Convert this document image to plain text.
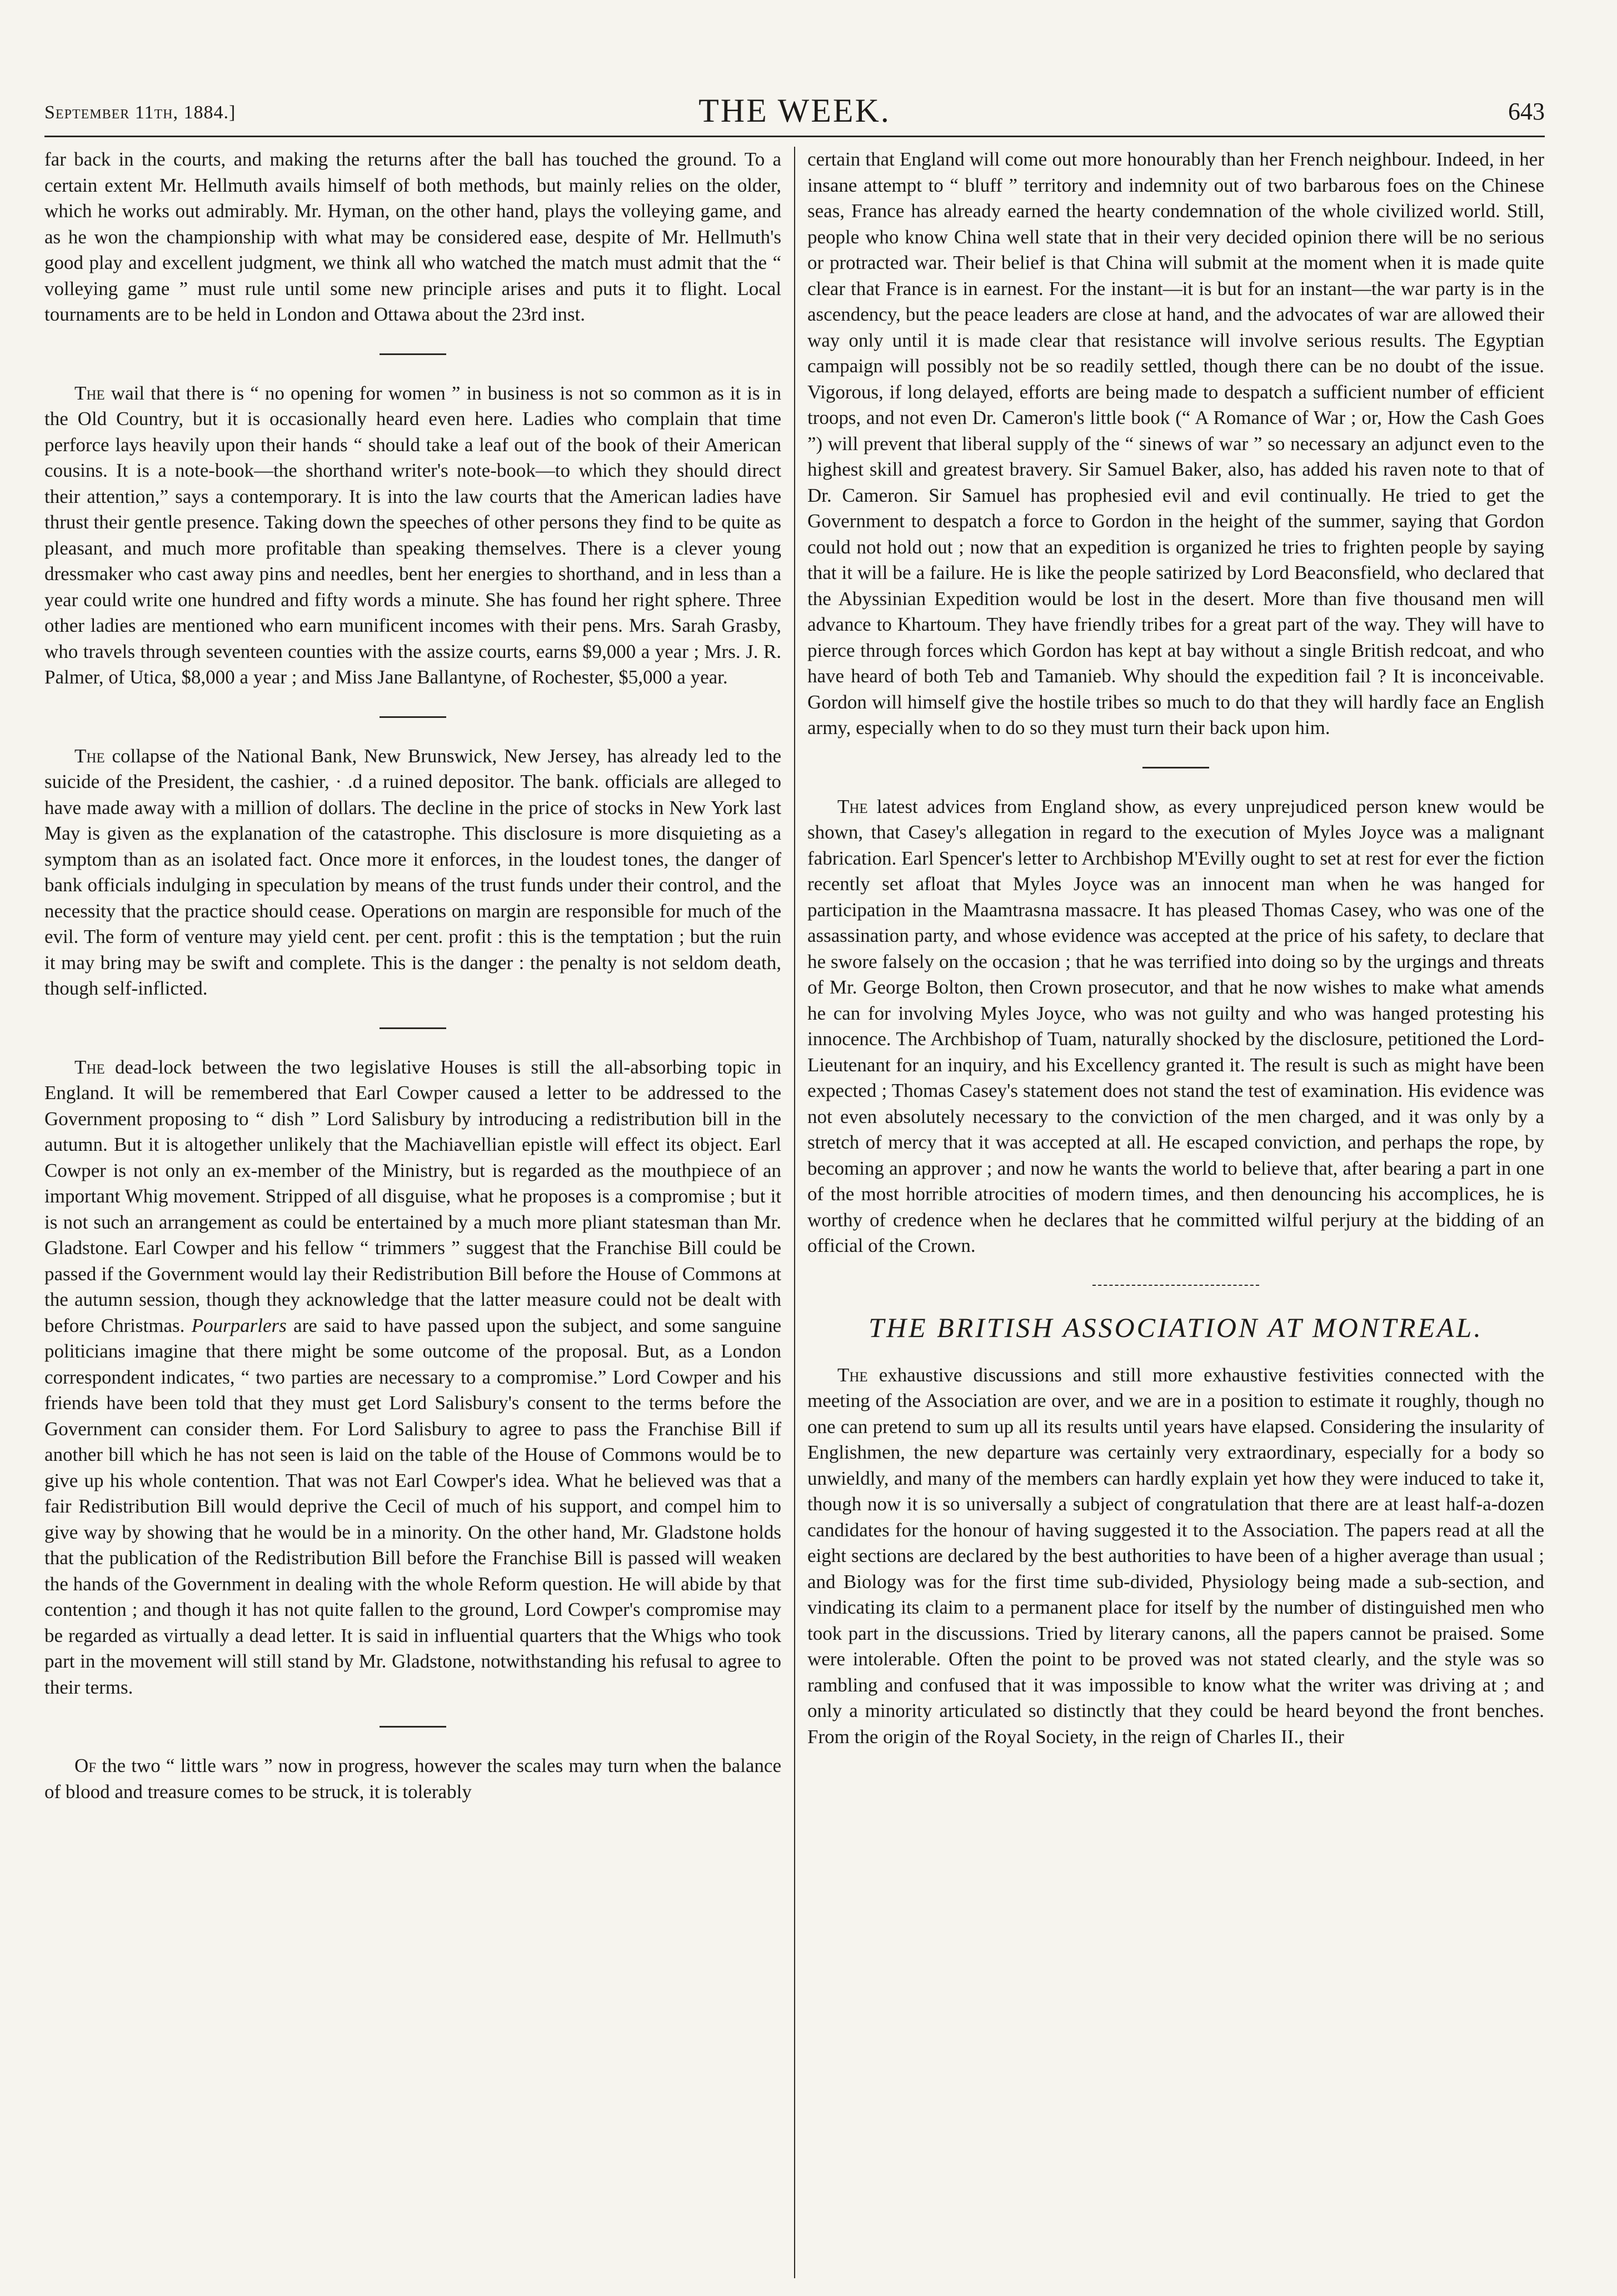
September 11th, 1884.]	THE WEEK.	643

far back in the courts, and making the returns after the ball has touched the ground. To a certain extent Mr. Hellmuth avails himself of both methods, but mainly relies on the older, which he works out admirably. Mr. Hyman, on the other hand, plays the volleying game, and as he won the championship with what may be considered ease, despite of Mr. Hellmuth's good play and excellent judgment, we think all who watched the match must admit that the “ volleying game ” must rule until some new principle arises and puts it to flight. Local tournaments are to be held in London and Ottawa about the 23rd inst.

The wail that there is “ no opening for women ” in business is not so common as it is in the Old Country, but it is occasionally heard even here. Ladies who complain that time perforce lays heavily upon their hands “ should take a leaf out of the book of their American cousins. It is a note-book—the shorthand writer's note-book—to which they should direct their attention,” says a contemporary. It is into the law courts that the American ladies have thrust their gentle presence. Taking down the speeches of other persons they find to be quite as pleasant, and much more profitable than speaking themselves. There is a clever young dressmaker who cast away pins and needles, bent her energies to shorthand, and in less than a year could write one hundred and fifty words a minute. She has found her right sphere. Three other ladies are mentioned who earn munificent incomes with their pens. Mrs. Sarah Grasby, who travels through seventeen counties with the assize courts, earns $9,000 a year ; Mrs. J. R. Palmer, of Utica, $8,000 a year ; and Miss Jane Ballantyne, of Rochester, $5,000 a year.

The collapse of the National Bank, New Brunswick, New Jersey, has already led to the suicide of the President, the cashier, · .d a ruined depositor. The bank. officials are alleged to have made away with a million of dollars. The decline in the price of stocks in New York last May is given as the explanation of the catastrophe. This disclosure is more disquieting as a symptom than as an isolated fact. Once more it enforces, in the loudest tones, the danger of bank officials indulging in speculation by means of the trust funds under their control, and the necessity that the practice should cease. Operations on margin are responsible for much of the evil. The form of venture may yield cent. per cent. profit : this is the temptation ; but the ruin it may bring may be swift and complete. This is the danger : the penalty is not seldom death, though self-inflicted.

The dead-lock between the two legislative Houses is still the all-absorbing topic in England. It will be remembered that Earl Cowper caused a letter to be addressed to the Government proposing to “ dish ” Lord Salisbury by introducing a redistribution bill in the autumn. But it is altogether unlikely that the Machiavellian epistle will effect its object. Earl Cowper is not only an ex-member of the Ministry, but is regarded as the mouthpiece of an important Whig movement. Stripped of all disguise, what he proposes is a compromise ; but it is not such an arrangement as could be entertained by a much more pliant statesman than Mr. Gladstone. Earl Cowper and his fellow “ trimmers ” suggest that the Franchise Bill could be passed if the Government would lay their Redistribution Bill before the House of Commons at the autumn session, though they acknowledge that the latter measure could not be dealt with before Christmas. Pourparlers are said to have passed upon the subject, and some sanguine politicians imagine that there might be some outcome of the proposal. But, as a London correspondent indicates, “ two parties are necessary to a compromise.” Lord Cowper and his friends have been told that they must get Lord Salisbury's consent to the terms before the Government can consider them. For Lord Salisbury to agree to pass the Franchise Bill if another bill which he has not seen is laid on the table of the House of Commons would be to give up his whole contention. That was not Earl Cowper's idea. What he believed was that a fair Redistribution Bill would deprive the Cecil of much of his support, and compel him to give way by showing that he would be in a minority. On the other hand, Mr. Gladstone holds that the publication of the Redistribution Bill before the Franchise Bill is passed will weaken the hands of the Government in dealing with the whole Reform question. He will abide by that contention ; and though it has not quite fallen to the ground, Lord Cowper's compromise may be regarded as virtually a dead letter. It is said in influential quarters that the Whigs who took part in the movement will still stand by Mr. Gladstone, notwithstanding his refusal to agree to their terms.

Of the two “ little wars ” now in progress, however the scales may turn when the balance of blood and treasure comes to be struck, it is tolerably

certain that England will come out more honourably than her French neighbour. Indeed, in her insane attempt to “ bluff ” territory and indemnity out of two barbarous foes on the Chinese seas, France has already earned the hearty condemnation of the whole civilized world. Still, people who know China well state that in their very decided opinion there will be no serious or protracted war. Their belief is that China will submit at the moment when it is made quite clear that France is in earnest. For the instant—it is but for an instant—the war party is in the ascendency, but the peace leaders are close at hand, and the advocates of war are allowed their way only until it is made clear that resistance will involve serious results. The Egyptian campaign will possibly not be so readily settled, though there can be no doubt of the issue. Vigorous, if long delayed, efforts are being made to despatch a sufficient number of efficient troops, and not even Dr. Cameron's little book (“ A Romance of War ; or, How the Cash Goes ”) will prevent that liberal supply of the “ sinews of war ” so necessary an adjunct even to the highest skill and greatest bravery. Sir Samuel Baker, also, has added his raven note to that of Dr. Cameron. Sir Samuel has prophesied evil and evil continually. He tried to get the Government to despatch a force to Gordon in the height of the summer, saying that Gordon could not hold out ; now that an expedition is organized he tries to frighten people by saying that it will be a failure. He is like the people satirized by Lord Beaconsfield, who declared that the Abyssinian Expedition would be lost in the desert. More than five thousand men will advance to Khartoum. They have friendly tribes for a great part of the way. They will have to pierce through forces which Gordon has kept at bay without a single British redcoat, and who have heard of both Teb and Tamanieb. Why should the expedition fail ? It is inconceivable. Gordon will himself give the hostile tribes so much to do that they will hardly face an English army, especially when to do so they must turn their back upon him.

The latest advices from England show, as every unprejudiced person knew would be shown, that Casey's allegation in regard to the execution of Myles Joyce was a malignant fabrication. Earl Spencer's letter to Archbishop M'Evilly ought to set at rest for ever the fiction recently set afloat that Myles Joyce was an innocent man when he was hanged for participation in the Maamtrasna massacre. It has pleased Thomas Casey, who was one of the assassination party, and whose evidence was accepted at the price of his safety, to declare that he swore falsely on the occasion ; that he was terrified into doing so by the urgings and threats of Mr. George Bolton, then Crown prosecutor, and that he now wishes to make what amends he can for involving Myles Joyce, who was not guilty and who was hanged protesting his innocence. The Archbishop of Tuam, naturally shocked by the disclosure, petitioned the Lord-Lieutenant for an inquiry, and his Excellency granted it. The result is such as might have been expected ; Thomas Casey's statement does not stand the test of examination. His evidence was not even absolutely necessary to the conviction of the men charged, and it was only by a stretch of mercy that it was accepted at all. He escaped conviction, and perhaps the rope, by becoming an approver ; and now he wants the world to believe that, after bearing a part in one of the most horrible atrocities of modern times, and then denouncing his accomplices, he is worthy of credence when he declares that he committed wilful perjury at the bidding of an official of the Crown.

THE BRITISH ASSOCIATION AT MONTREAL.

The exhaustive discussions and still more exhaustive festivities connected with the meeting of the Association are over, and we are in a position to estimate it roughly, though no one can pretend to sum up all its results until years have elapsed. Considering the insularity of Englishmen, the new departure was certainly very extraordinary, especially for a body so unwieldly, and many of the members can hardly explain yet how they were induced to take it, though now it is so universally a subject of congratulation that there are at least half-a-dozen candidates for the honour of having suggested it to the Association. The papers read at all the eight sections are declared by the best authorities to have been of a higher average than usual ; and Biology was for the first time sub-divided, Physiology being made a sub-section, and vindicating its claim to a permanent place for itself by the number of distinguished men who took part in the discussions. Tried by literary canons, all the papers cannot be praised. Some were intolerable. Often the point to be proved was not stated clearly, and the style was so rambling and confused that it was impossible to know what the writer was driving at ; and only a minority articulated so distinctly that they could be heard beyond the front benches. From the origin of the Royal Society, in the reign of Charles II., their
